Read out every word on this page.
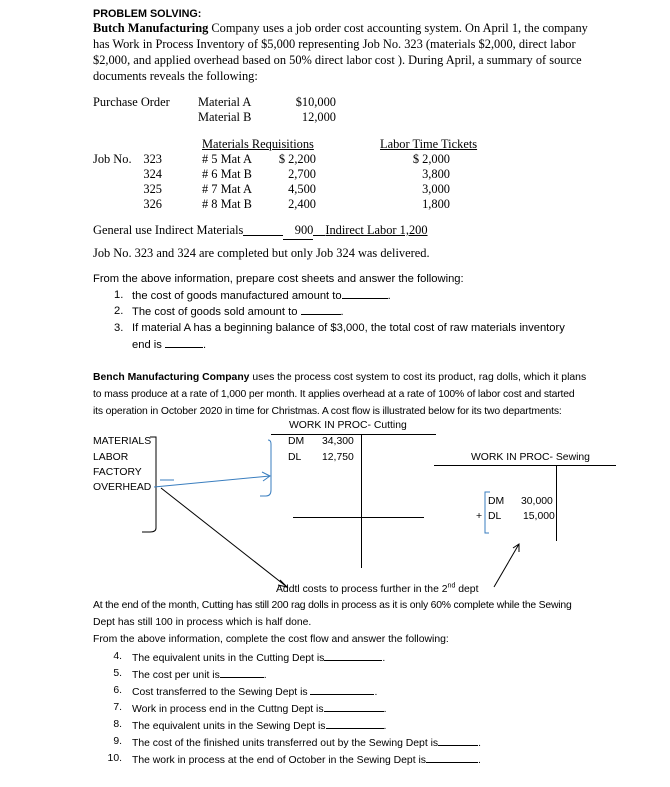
PROBLEM SOLVING:
Butch Manufacturing Company uses a job order cost accounting system. On April 1, the company
has Work in Process Inventory of $5,000 representing Job No. 323 (materials $2,000, direct labor
$2,000, and applied overhead based on 50% direct labor cost ). During April, a summary of source
documents reveals the following:
Purchase Order Material A	$10,000
Material B	12,000
Materials Requisitions	Labor Time Tickets
Job No. 323	# 5 Mat A	$ 2,200	$ 2,000
324	# 6 Mat B	2,700	3,800
325	# 7 Mat A	4,500	3,000
326	# 8 Mat B	2,400	1,800
General use Indirect Materials	900 Indirect Labor 1,200
Job No. 323 and 324 are completed but only Job 324 was delivered.
From the above information, prepare cost sheets and answer the following:
1. the cost of goods manufactured amount to	.
2. The cost of goods sold amount to	.
3. If material A has a beginning balance of $3,000, the total cost of raw materials inventory
end is	.
Bench Manufacturing Company uses the process cost system to cost its product, rag dolls, which it plans
to mass produce at a rate of 1,000 per month. It applies overhead at a rate of 100% of labor cost and started
its operation in October 2020 in time for Christmas. A cost flow is illustrated below for its two departments:
WORK IN PROC- Cutting
DM 34,300
DL 12,750
MATERIALS
LABOR
FACTORY
OVERHEAD
WORK IN PROC- Sewing
DM 30,000
+ DL 15,000
Addtl costs to process further in the 2nd dept
At the end of the month, Cutting has still 200 rag dolls in process as it is only 60% complete while the Sewing
Dept has still 100 in process which is half done.
From the above information, complete the cost flow and answer the following:
4. The equivalent units in the Cutting Dept is	.
5. The cost per unit is	.
6. Cost transferred to the Sewing Dept is	.
7. Work in process end in the Cuttng Dept is	.
8. The equivalent units in the Sewing Dept is	.
9. The cost of the finished units transferred out by the Sewing Dept is	.
10. The work in process at the end of October in the Sewing Dept is	.
